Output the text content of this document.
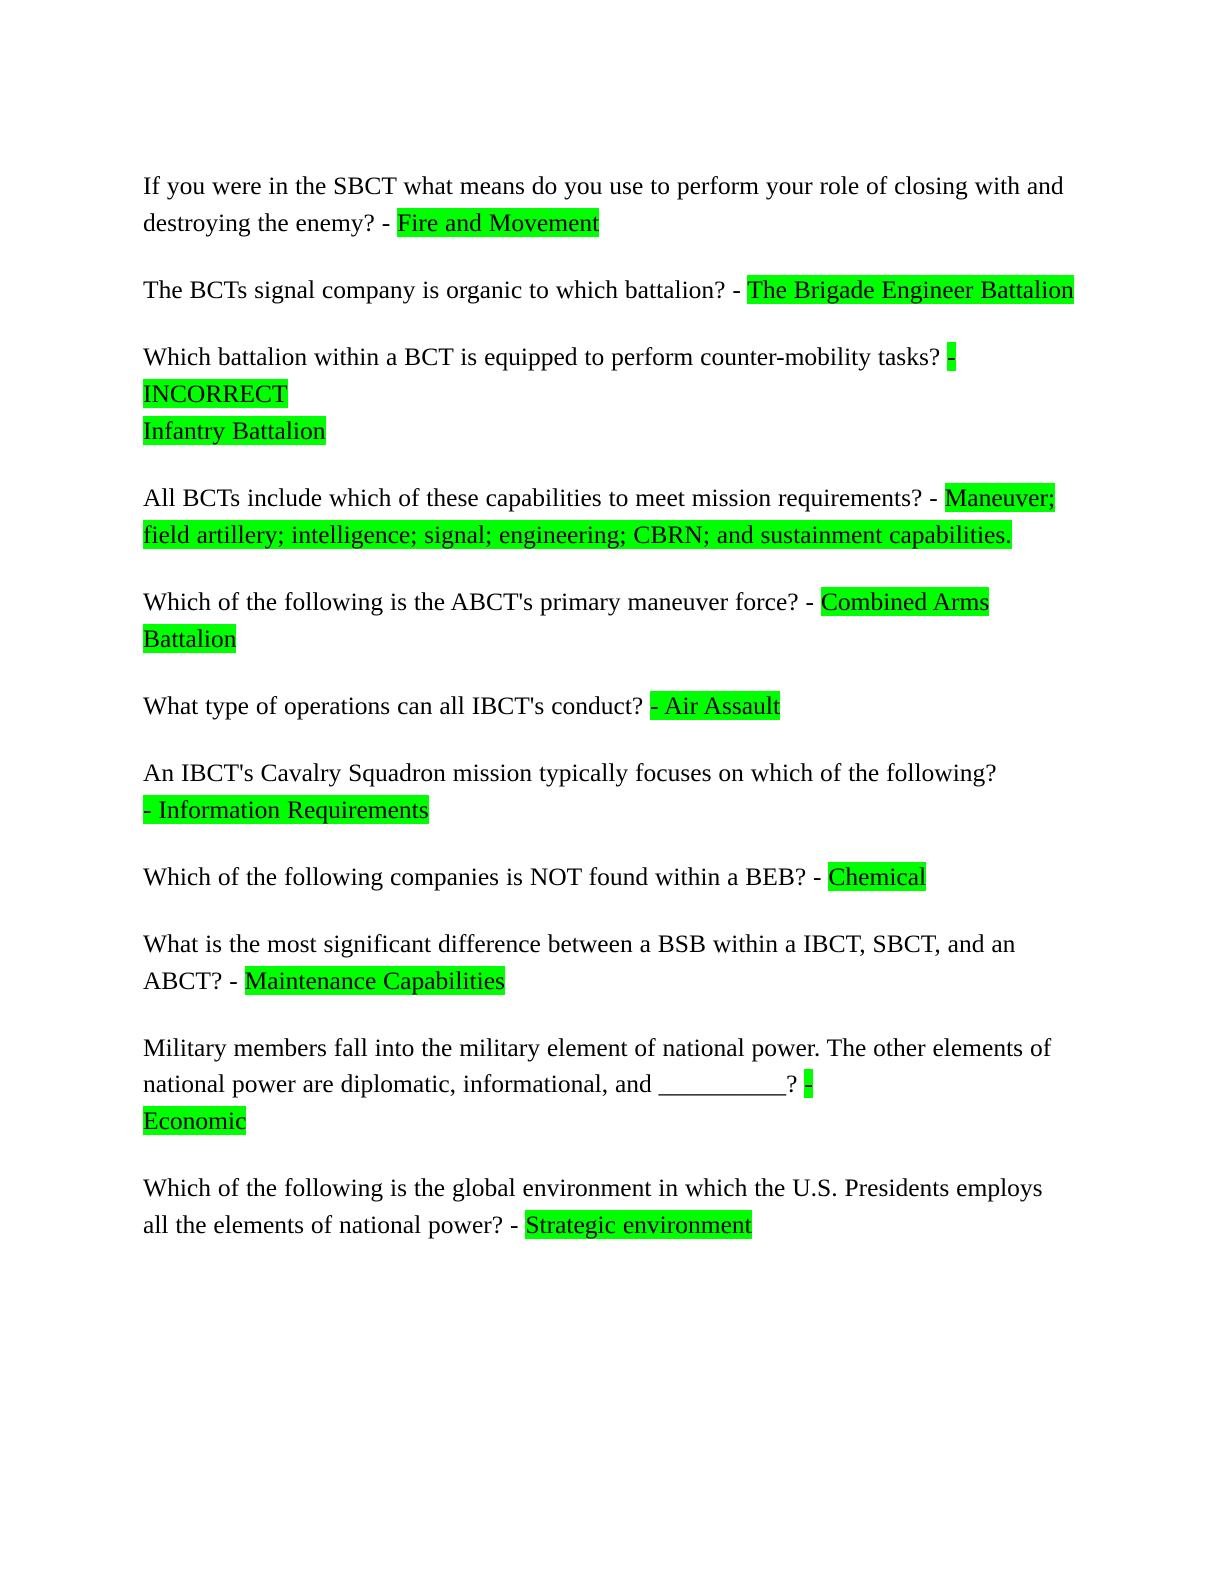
If you were in the SBCT what means do you use to perform your role of closing with and destroying the enemy? - Fire and Movement

The BCTs signal company is organic to which battalion? - The Brigade Engineer Battalion

Which battalion within a BCT is equipped to perform counter-mobility tasks? -
INCORRECT
Infantry Battalion

All BCTs include which of these capabilities to meet mission requirements? - Maneuver; field artillery; intelligence; signal; engineering; CBRN; and sustainment capabilities.

Which of the following is the ABCT's primary maneuver force? - Combined Arms Battalion

What type of operations can all IBCT's conduct? - Air Assault

An IBCT's Cavalry Squadron mission typically focuses on which of the following?
- Information Requirements

Which of the following companies is NOT found within a BEB? - Chemical

What is the most significant difference between a BSB within a IBCT, SBCT, and an ABCT? - Maintenance Capabilities

Military members fall into the military element of national power. The other elements of national power are diplomatic, informational, and __________? -
Economic

Which of the following is the global environment in which the U.S. Presidents employs all the elements of national power? - Strategic environment
